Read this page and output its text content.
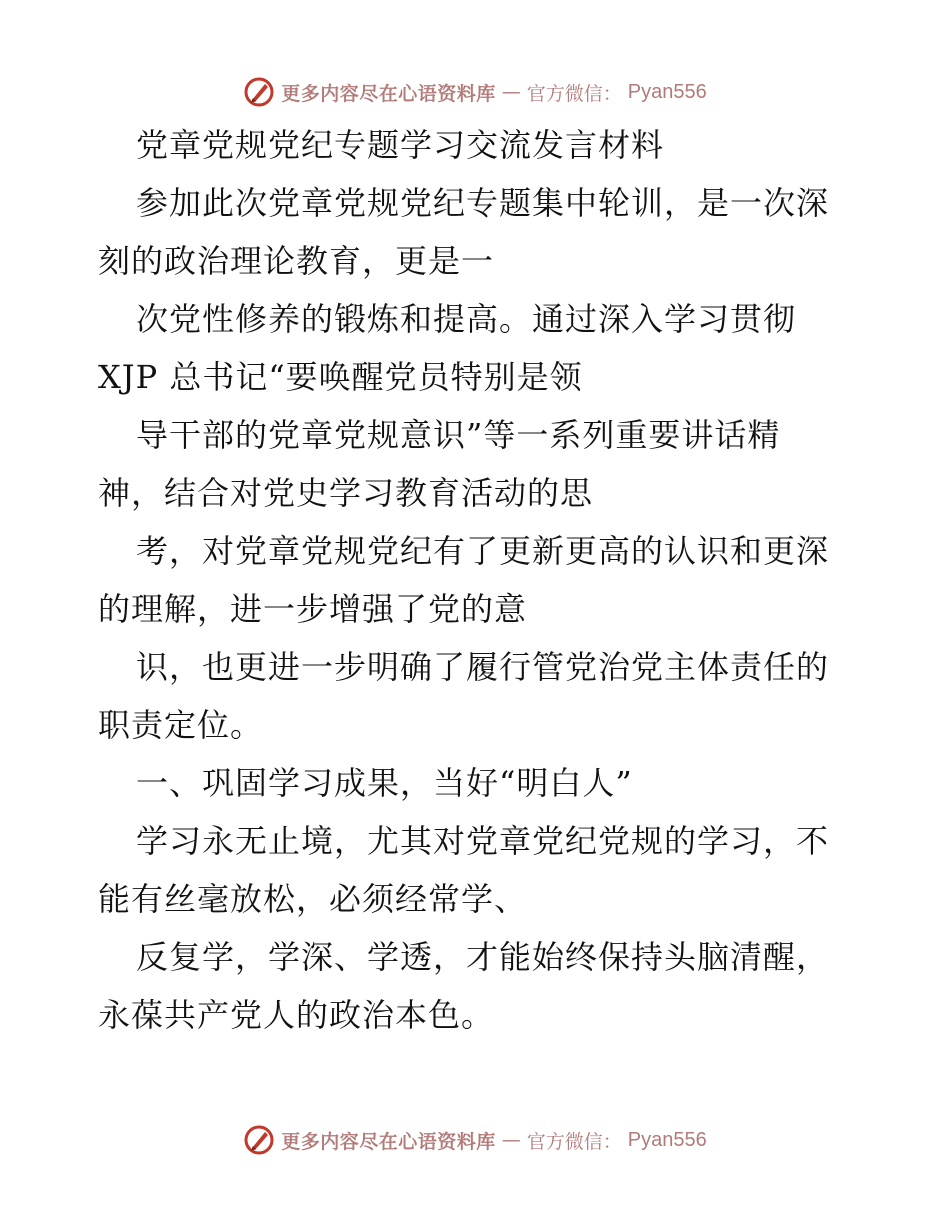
更多内容尽在心语资料库 — 官方微信： Pyan556
党章党规党纪专题学习交流发言材料
参加此次党章党规党纪专题集中轮训，是一次深
刻的政治理论教育，更是一
次党性修养的锻炼和提高。通过深入学习贯彻
XJP 总书记“要唤醒党员特别是领
导干部的党章党规意识”等一系列重要讲话精
神，结合对党史学习教育活动的思
考，对党章党规党纪有了更新更高的认识和更深
的理解，进一步增强了党的意
识，也更进一步明确了履行管党治党主体责任的
职责定位。
一、巩固学习成果，当好“明白人”
学习永无止境，尤其对党章党纪党规的学习，不
能有丝毫放松，必须经常学、
反复学，学深、学透，才能始终保持头脑清醒，
永葆共产党人的政治本色。
更多内容尽在心语资料库 — 官方微信： Pyan556
